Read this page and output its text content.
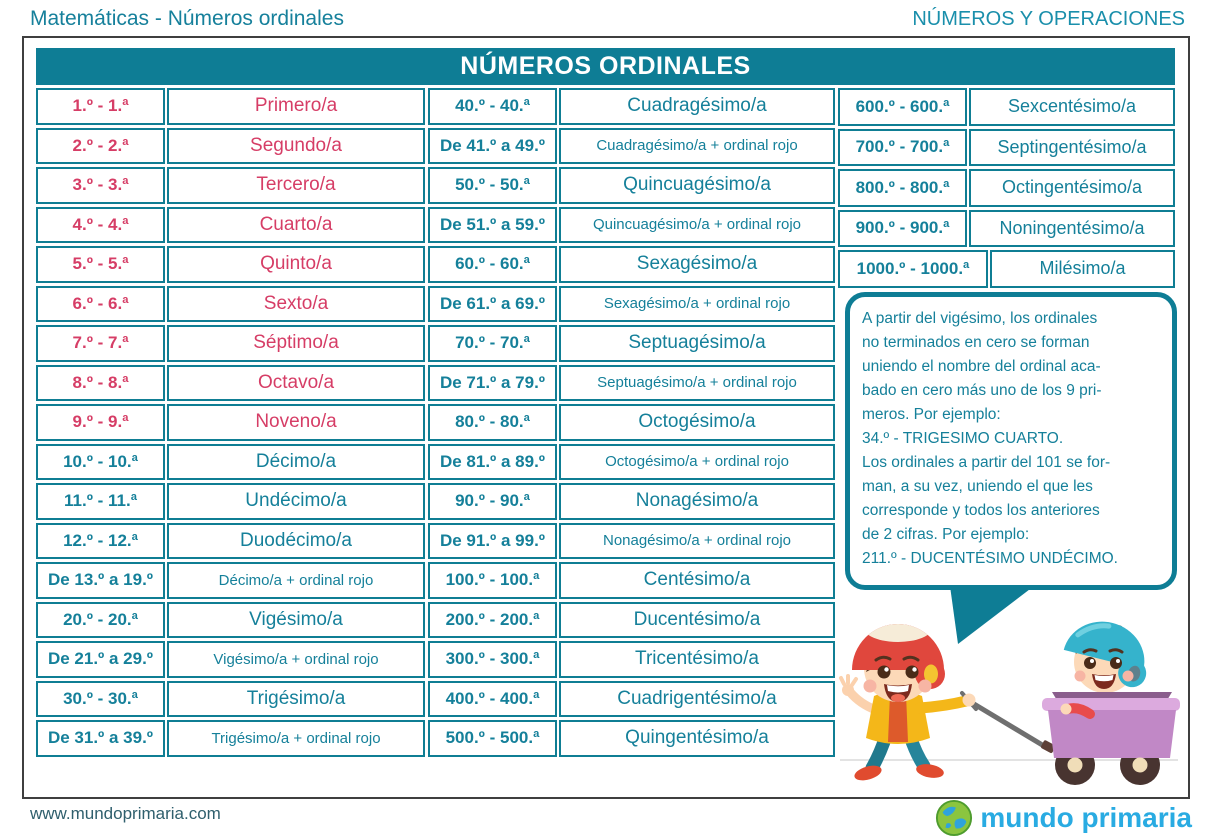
Matemáticas - Números ordinales	NÚMEROS Y OPERACIONES
NÚMEROS ORDINALES
1.º - 1.ª	Primero/a
2.º - 2.ª	Segundo/a
3.º - 3.ª	Tercero/a
4.º - 4.ª	Cuarto/a
5.º - 5.ª	Quinto/a
6.º - 6.ª	Sexto/a
7.º - 7.ª	Séptimo/a
8.º - 8.ª	Octavo/a
9.º - 9.ª	Noveno/a
10.º - 10.ª	Décimo/a
11.º - 11.ª	Undécimo/a
12.º - 12.ª	Duodécimo/a
De 13.º a 19.º	Décimo/a + ordinal rojo
20.º - 20.ª	Vigésimo/a
De 21.º a 29.º	Vigésimo/a + ordinal rojo
30.º - 30.ª	Trigésimo/a
De 31.º a 39.º	Trigésimo/a + ordinal rojo
40.º - 40.ª	Cuadragésimo/a
De 41.º a 49.º	Cuadragésimo/a + ordinal rojo
50.º - 50.ª	Quincuagésimo/a
De 51.º a 59.º	Quincuagésimo/a + ordinal rojo
60.º - 60.ª	Sexagésimo/a
De 61.º a 69.º	Sexagésimo/a + ordinal rojo
70.º - 70.ª	Septuagésimo/a
De 71.º a 79.º	Septuagésimo/a + ordinal rojo
80.º - 80.ª	Octogésimo/a
De 81.º a 89.º	Octogésimo/a + ordinal rojo
90.º - 90.ª	Nonagésimo/a
De 91.º a 99.º	Nonagésimo/a + ordinal rojo
100.º - 100.ª	Centésimo/a
200.º - 200.ª	Ducentésimo/a
300.º - 300.ª	Tricentésimo/a
400.º - 400.ª	Cuadrigentésimo/a
500.º - 500.ª	Quingentésimo/a
600.º - 600.ª	Sexcentésimo/a
700.º - 700.ª	Septingentésimo/a
800.º - 800.ª	Octingentésimo/a
900.º - 900.ª	Noningentésimo/a
1000.º - 1000.ª	Milésimo/a
A partir del vigésimo, los ordinales
no terminados en cero se forman
uniendo el nombre del ordinal aca-
bado en cero más uno de los 9 pri-
meros. Por ejemplo:
34.º - TRIGESIMO CUARTO.
Los ordinales a partir del 101 se for-
man, a su vez, uniendo el que les
corresponde y todos los anteriores
de 2 cifras. Por ejemplo:
211.º - DUCENTÉSIMO UNDÉCIMO.
www.mundoprimaria.com	mundo primaria
